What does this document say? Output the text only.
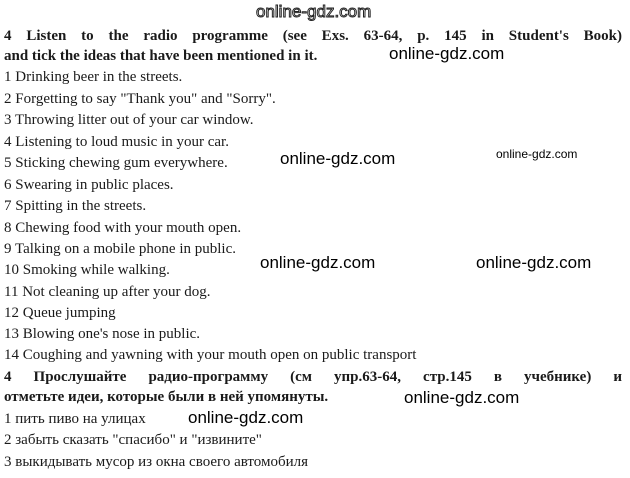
online-gdz.com
4 Listen to the radio programme (see Exs. 63-64, p. 145 in Student's Book)
and tick the ideas that have been mentioned in it.
1 Drinking beer in the streets.
2 Forgetting to say "Thank you" and "Sorry".
3 Throwing litter out of your car window.
4 Listening to loud music in your car.
5 Sticking chewing gum everywhere.
6 Swearing in public places.
7 Spitting in the streets.
8 Chewing food with your mouth open.
9 Talking on a mobile phone in public.
10 Smoking while walking.
11 Not cleaning up after your dog.
12 Queue jumping
13 Blowing one's nose in public.
14 Coughing and yawning with your mouth open on public transport
4 Прослушайте радио-программу (см упр.63-64, стр.145 в учебнике) и
отметьте идеи, которые были в ней упомянуты.
1 пить пиво на улицах
2 забыть сказать "спасибо" и "извините"
3 выкидывать мусор из окна своего автомобиля
online-gdz.com
online-gdz.com	online-gdz.com
online-gdz.com	online-gdz.com
online-gdz.com
online-gdz.com
